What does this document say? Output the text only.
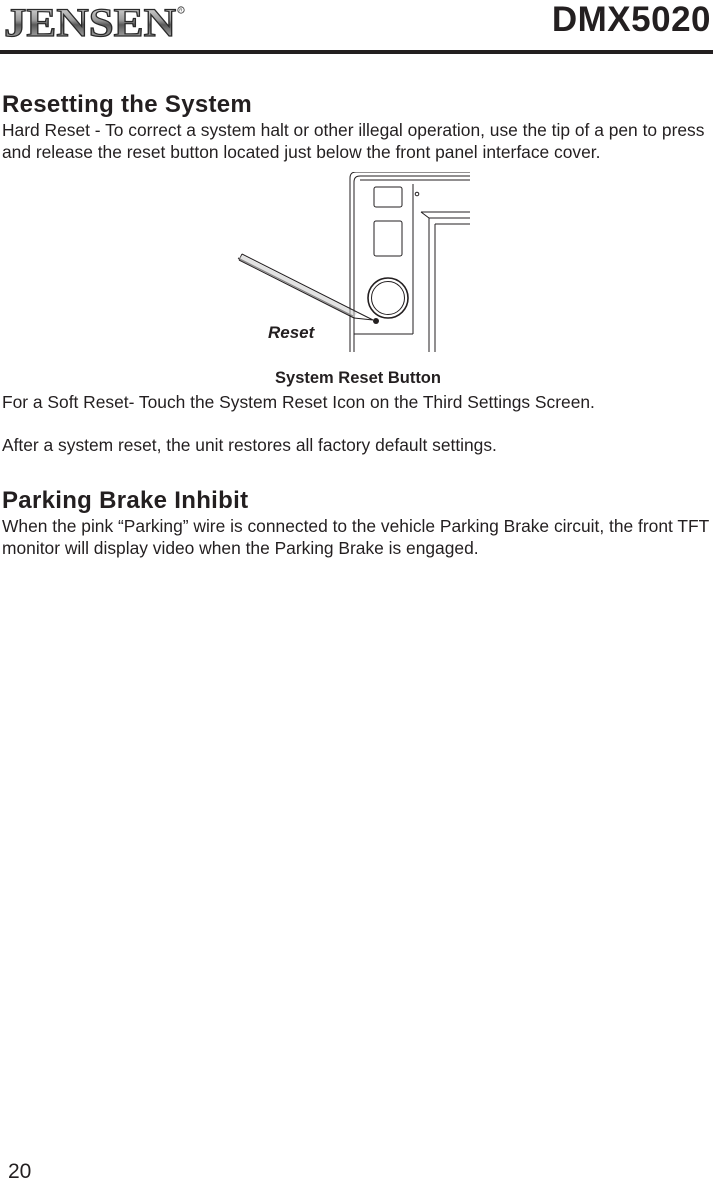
JENSEN R	DMX5020
Resetting the System

Hard Reset - To correct a system halt or other illegal operation, use the tip of a pen to press and release the reset button located just below the front panel interface cover.

Reset
System Reset Button

For a Soft Reset- Touch the System Reset Icon on the Third Settings Screen.

After a system reset, the unit restores all factory default settings.

Parking Brake Inhibit

When the pink “Parking” wire is connected to the vehicle Parking Brake circuit, the front TFT monitor will display video when the Parking Brake is engaged.

20
